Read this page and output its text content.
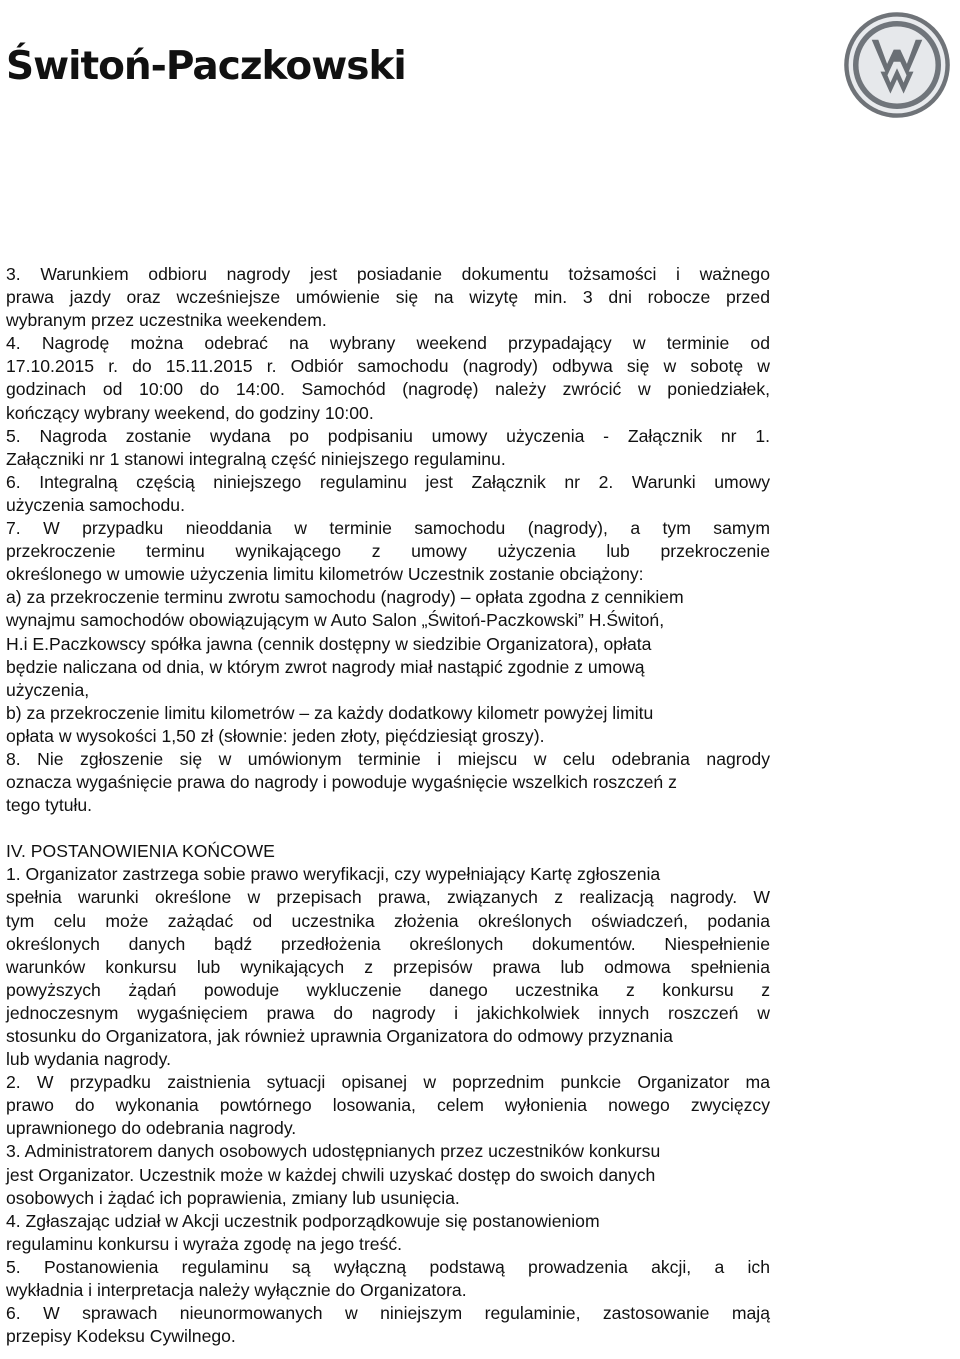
Świtoń-Paczkowski

3. Warunkiem odbioru nagrody jest posiadanie dokumentu tożsamości i ważnego

prawa jazdy oraz wcześniejsze umówienie się na wizytę min. 3 dni robocze przed

wybranym przez uczestnika weekendem.

4. Nagrodę można odebrać na wybrany weekend przypadający w terminie od

17.10.2015 r. do 15.11.2015 r. Odbiór samochodu (nagrody) odbywa się w sobotę w

godzinach od 10:00 do 14:00. Samochód (nagrodę) należy zwrócić w poniedziałek,

kończący wybrany weekend, do godziny 10:00.

5. Nagroda zostanie wydana po podpisaniu umowy użyczenia - Załącznik nr 1.

Załączniki nr 1 stanowi integralną część niniejszego regulaminu.

6. Integralną częścią niniejszego regulaminu jest Załącznik nr 2. Warunki umowy

użyczenia samochodu.

7. W przypadku nieoddania w terminie samochodu (nagrody), a tym samym

przekroczenie terminu wynikającego z umowy użyczenia lub przekroczenie

określonego w umowie użyczenia limitu kilometrów Uczestnik zostanie obciążony:

a) za przekroczenie terminu zwrotu samochodu (nagrody) – opłata zgodna z cennikiem

wynajmu samochodów obowiązującym w Auto Salon „Świtoń-Paczkowski” H.Świtoń,

H.i E.Paczkowscy spółka jawna (cennik dostępny w siedzibie Organizatora), opłata

będzie naliczana od dnia, w którym zwrot nagrody miał nastąpić zgodnie z umową

użyczenia,

b) za przekroczenie limitu kilometrów – za każdy dodatkowy kilometr powyżej limitu

opłata w wysokości 1,50 zł (słownie: jeden złoty, pięćdziesiąt groszy).

8. Nie zgłoszenie się w umówionym terminie i miejscu w celu odebrania nagrody

oznacza wygaśnięcie prawa do nagrody i powoduje wygaśnięcie wszelkich roszczeń z

tego tytułu.

IV. POSTANOWIENIA KOŃCOWE

1. Organizator zastrzega sobie prawo weryfikacji, czy wypełniający Kartę zgłoszenia

spełnia warunki określone w przepisach prawa, związanych z realizacją nagrody. W

tym celu może zażądać od uczestnika złożenia określonych oświadczeń, podania

określonych danych bądź przedłożenia określonych dokumentów. Niespełnienie

warunków konkursu lub wynikających z przepisów prawa lub odmowa spełnienia

powyższych żądań powoduje wykluczenie danego uczestnika z konkursu z

jednoczesnym wygaśnięciem prawa do nagrody i jakichkolwiek innych roszczeń w

stosunku do Organizatora, jak również uprawnia Organizatora do odmowy przyznania

lub wydania nagrody.

2. W przypadku zaistnienia sytuacji opisanej w poprzednim punkcie Organizator ma

prawo do wykonania powtórnego losowania, celem wyłonienia nowego zwycięzcy

uprawnionego do odebrania nagrody.

3. Administratorem danych osobowych udostępnianych przez uczestników konkursu

jest Organizator. Uczestnik może w każdej chwili uzyskać dostęp do swoich danych

osobowych i żądać ich poprawienia, zmiany lub usunięcia.

4. Zgłaszając udział w Akcji uczestnik podporządkowuje się postanowieniom

regulaminu konkursu i wyraża zgodę na jego treść.

5. Postanowienia regulaminu są wyłączną podstawą prowadzenia akcji, a ich

wykładnia i interpretacja należy wyłącznie do Organizatora.

6. W sprawach nieunormowanych w niniejszym regulaminie, zastosowanie mają

przepisy Kodeksu Cywilnego.
